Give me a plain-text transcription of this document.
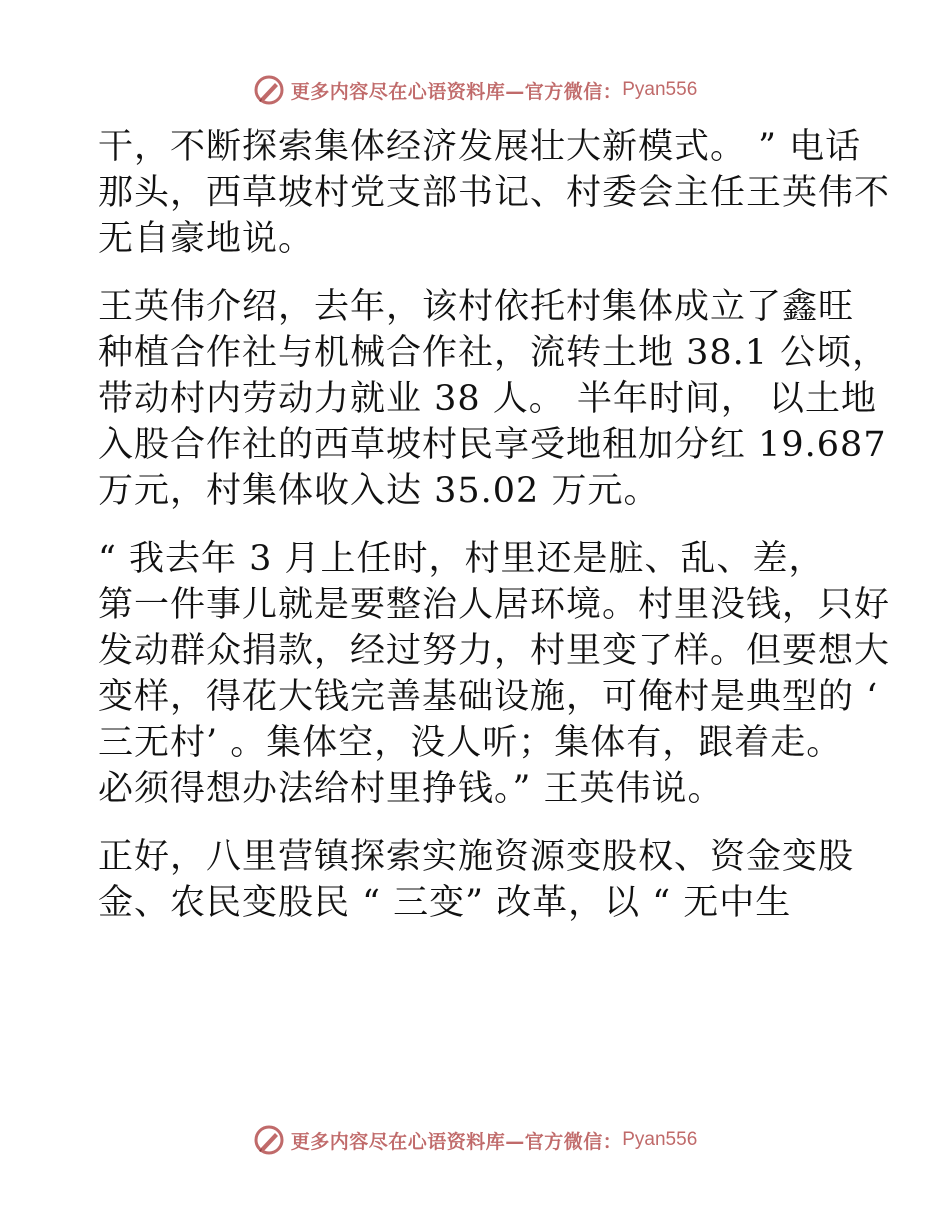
更多内容尽在心语资料库—官方微信： Pyan556

干，不断探索集体经济发展壮大新模式。 ” 电话
那头，西草坡村党支部书记、村委会主任王英伟不
无自豪地说。

王英伟介绍，去年，该村依托村集体成立了鑫旺
种植合作社与机械合作社，流转土地 38.1 公顷，
带动村内劳动力就业 38 人。 半年时间， 以土地
入股合作社的西草坡村民享受地租加分红 19.687
万元，村集体收入达 35.02 万元。

“ 我去年 3 月上任时，村里还是脏、乱、差，
第一件事儿就是要整治人居环境。村里没钱，只好
发动群众捐款，经过努力，村里变了样。但要想大
变样，得花大钱完善基础设施，可俺村是典型的 ‘
三无村’ 。集体空，没人听；集体有，跟着走。
必须得想办法给村里挣钱。” 王英伟说。

正好，八里营镇探索实施资源变股权、资金变股
金、农民变股民 “ 三变” 改革，以 “ 无中生

更多内容尽在心语资料库—官方微信： Pyan556
